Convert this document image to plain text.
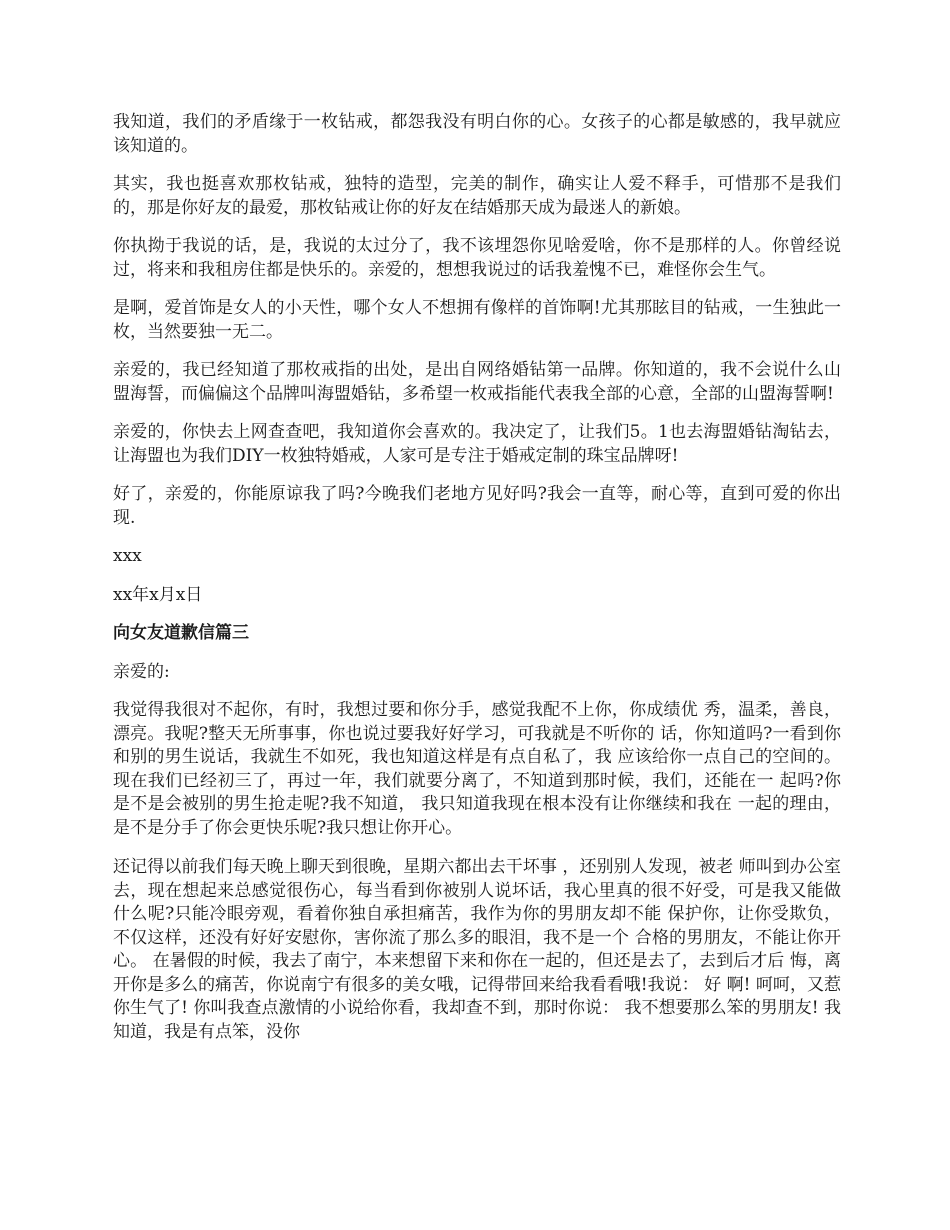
我知道，我们的矛盾缘于一枚钻戒，都怨我没有明白你的心。女孩子的心都是敏感的，我早就应该知道的。

其实，我也挺喜欢那枚钻戒，独特的造型，完美的制作，确实让人爱不释手，可惜那不是我们的，那是你好友的最爱，那枚钻戒让你的好友在结婚那天成为最迷人的新娘。

你执拗于我说的话，是，我说的太过分了，我不该埋怨你见啥爱啥，你不是那样的人。你曾经说过，将来和我租房住都是快乐的。亲爱的，想想我说过的话我羞愧不已，难怪你会生气。

是啊，爱首饰是女人的小天性，哪个女人不想拥有像样的首饰啊!尤其那眩目的钻戒，一生独此一枚，当然要独一无二。

亲爱的，我已经知道了那枚戒指的出处，是出自网络婚钻第一品牌。你知道的，我不会说什么山盟海誓，而偏偏这个品牌叫海盟婚钻，多希望一枚戒指能代表我全部的心意，全部的山盟海誓啊!

亲爱的，你快去上网查查吧，我知道你会喜欢的。我决定了，让我们5。1也去海盟婚钻淘钻去，让海盟也为我们DIY一枚独特婚戒，人家可是专注于婚戒定制的珠宝品牌呀!

好了，亲爱的，你能原谅我了吗?今晚我们老地方见好吗?我会一直等，耐心等，直到可爱的你出现.

xxx

xx年x月x日

向女友道歉信篇三

亲爱的:

我觉得我很对不起你，有时，我想过要和你分手，感觉我配不上你，你成绩优 秀，温柔，善良，漂亮。我呢?整天无所事事，你也说过要我好好学习，可我就是不听你的 话，你知道吗?一看到你和别的男生说话，我就生不如死，我也知道这样是有点自私了，我 应该给你一点自己的空间的。 现在我们已经初三了，再过一年，我们就要分离了，不知道到那时候，我们，还能在一 起吗?你是不是会被别的男生抢走呢?我不知道， 我只知道我现在根本没有让你继续和我在 一起的理由，是不是分手了你会更快乐呢?我只想让你开心。

还记得以前我们每天晚上聊天到很晚，星期六都出去干坏事 ，还别别人发现，被老 师叫到办公室去，现在想起来总感觉很伤心，每当看到你被别人说坏话，我心里真的很不好受，可是我又能做什么呢?只能冷眼旁观，看着你独自承担痛苦，我作为你的男朋友却不能 保护你，让你受欺负，不仅这样，还没有好好安慰你，害你流了那么多的眼泪，我不是一个 合格的男朋友，不能让你开心。 在暑假的时候，我去了南宁，本来想留下来和你在一起的，但还是去了，去到后才后 悔，离开你是多么的痛苦，你说南宁有很多的美女哦，记得带回来给我看看哦!我说： 好 啊! 呵呵，又惹你生气了! 你叫我查点激情的小说给你看，我却查不到，那时你说： 我不想要那么笨的男朋友! 我知道，我是有点笨，没你
